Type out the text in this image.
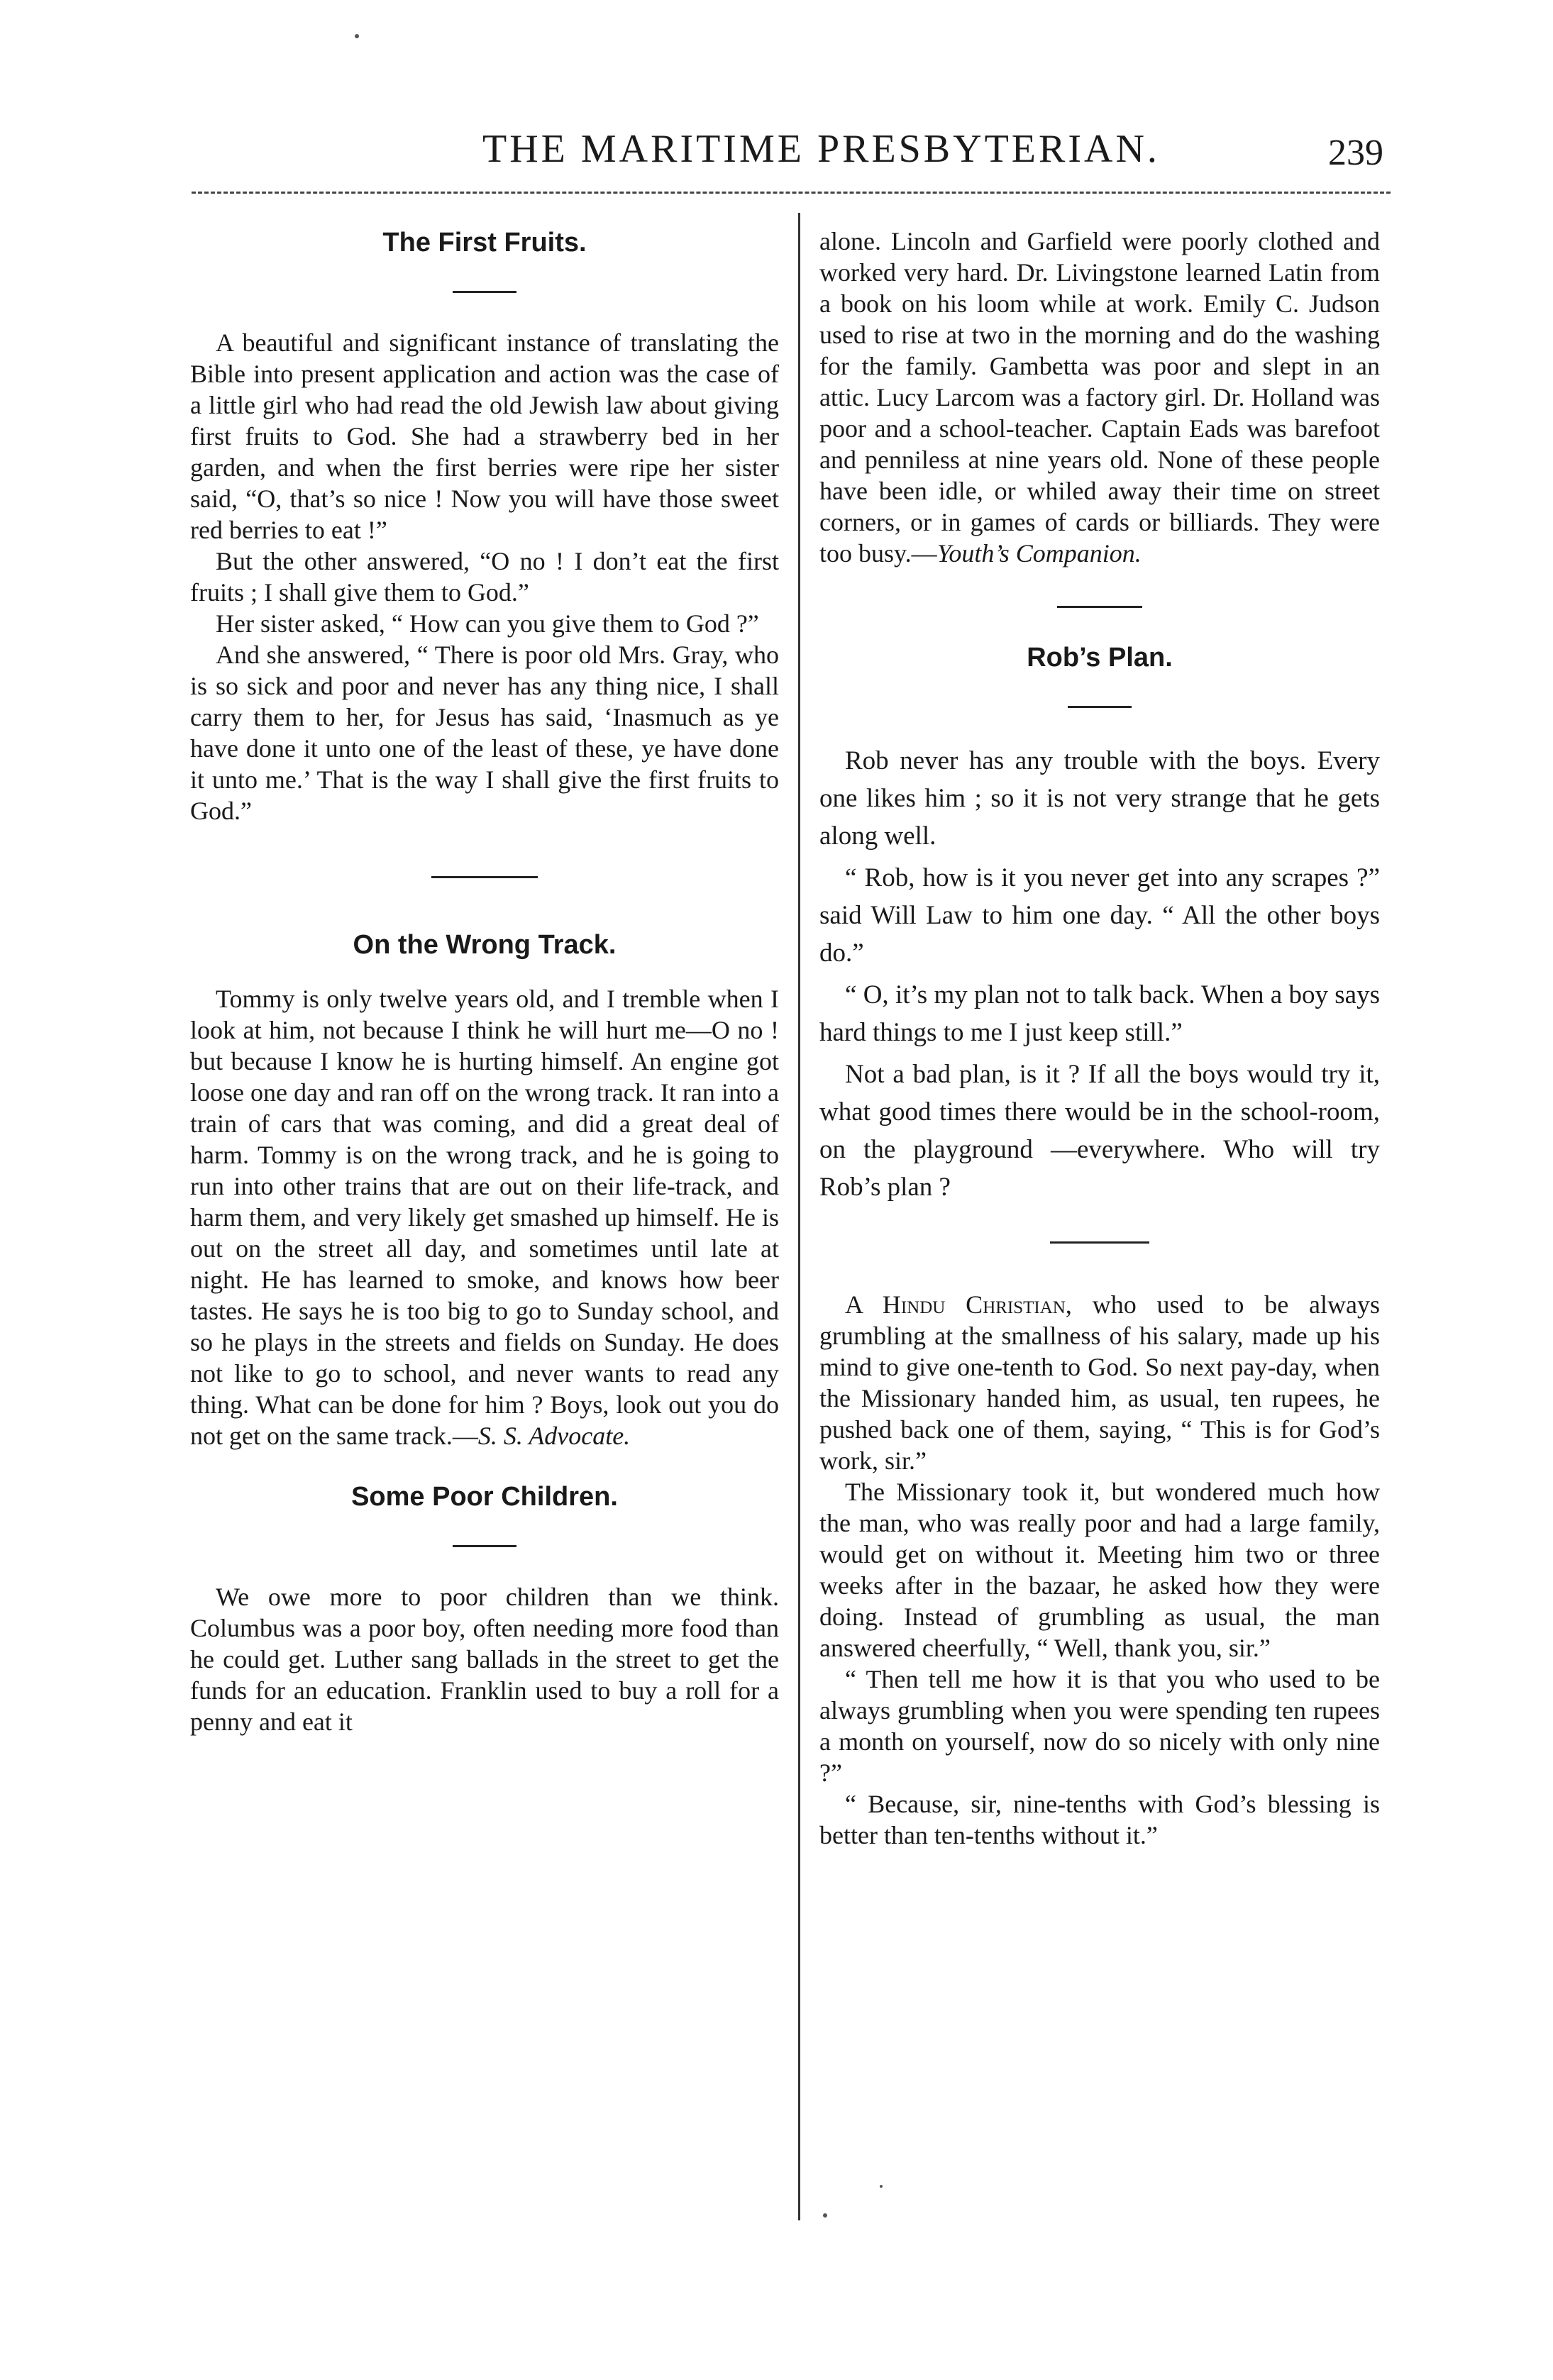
THE MARITIME PRESBYTERIAN.	239
The First Fruits.

A beautiful and significant instance of translating the Bible into present application and action was the case of a little girl who had read the old Jewish law about giving first fruits to God. She had a strawberry bed in her garden, and when the first berries were ripe her sister said, “O, that’s so nice ! Now you will have those sweet red berries to eat !”

But the other answered, “O no ! I don’t eat the first fruits ; I shall give them to God.”

Her sister asked, “ How can you give them to God ?”

And she answered, “ There is poor old Mrs. Gray, who is so sick and poor and never has any thing nice, I shall carry them to her, for Jesus has said, ‘Inasmuch as ye have done it unto one of the least of these, ye have done it unto me.’ That is the way I shall give the first fruits to God.”

On the Wrong Track.

Tommy is only twelve years old, and I tremble when I look at him, not because I think he will hurt me—O no ! but because I know he is hurting himself. An engine got loose one day and ran off on the wrong track. It ran into a train of cars that was coming, and did a great deal of harm. Tommy is on the wrong track, and he is going to run into other trains that are out on their life-track, and harm them, and very likely get smashed up himself. He is out on the street all day, and sometimes until late at night. He has learned to smoke, and knows how beer tastes. He says he is too big to go to Sunday school, and so he plays in the streets and fields on Sunday. He does not like to go to school, and never wants to read any thing. What can be done for him ? Boys, look out you do not get on the same track.—S. S. Advocate.

Some Poor Children.

We owe more to poor children than we think. Columbus was a poor boy, often needing more food than he could get. Luther sang ballads in the street to get the funds for an education. Franklin used to buy a roll for a penny and eat it

alone. Lincoln and Garfield were poorly clothed and worked very hard. Dr. Livingstone learned Latin from a book on his loom while at work. Emily C. Judson used to rise at two in the morning and do the washing for the family. Gambetta was poor and slept in an attic. Lucy Larcom was a factory girl. Dr. Holland was poor and a school-teacher. Captain Eads was barefoot and penniless at nine years old. None of these people have been idle, or whiled away their time on street corners, or in games of cards or billiards. They were too busy.—Youth’s Companion.

Rob’s Plan.

Rob never has any trouble with the boys. Every one likes him ; so it is not very strange that he gets along well.

“ Rob, how is it you never get into any scrapes ?” said Will Law to him one day. “ All the other boys do.”

“ O, it’s my plan not to talk back. When a boy says hard things to me I just keep still.”

Not a bad plan, is it ? If all the boys would try it, what good times there would be in the school-room, on the playground —everywhere. Who will try Rob’s plan ?

A Hindu Christian, who used to be always grumbling at the smallness of his salary, made up his mind to give one-tenth to God. So next pay-day, when the Missionary handed him, as usual, ten rupees, he pushed back one of them, saying, “ This is for God’s work, sir.”

The Missionary took it, but wondered much how the man, who was really poor and had a large family, would get on without it. Meeting him two or three weeks after in the bazaar, he asked how they were doing. Instead of grumbling as usual, the man answered cheerfully, “ Well, thank you, sir.”

“ Then tell me how it is that you who used to be always grumbling when you were spending ten rupees a month on yourself, now do so nicely with only nine ?”

“ Because, sir, nine-tenths with God’s blessing is better than ten-tenths without it.”
